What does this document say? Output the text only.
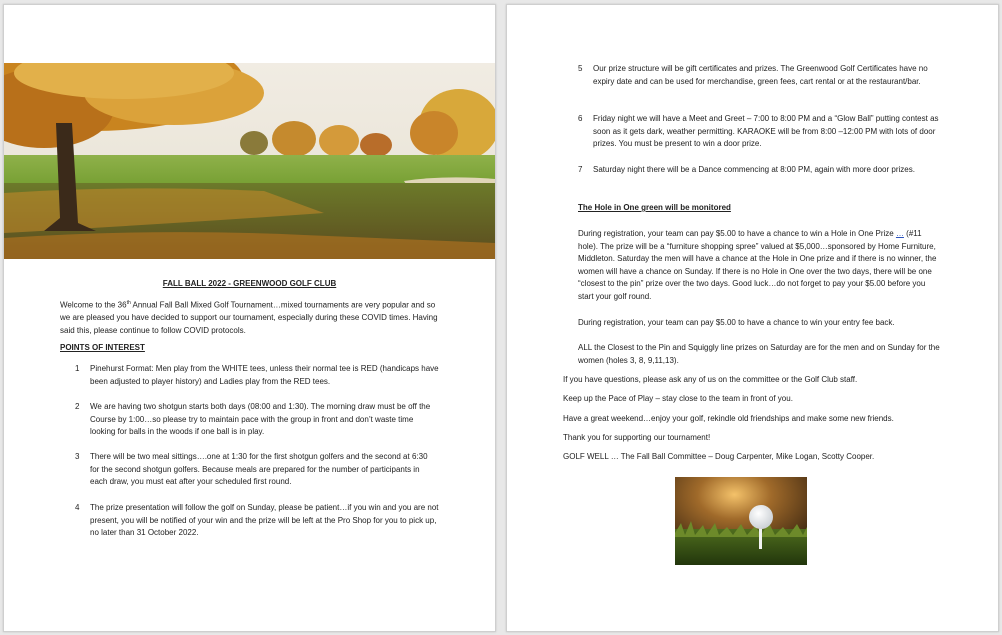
FALL BALL 2022 - GREENWOOD GOLF CLUB

Welcome to the 36th Annual Fall Ball Mixed Golf Tournament…mixed tournaments are very popular and so we are pleased you have decided to support our tournament, especially during these COVID times. Having said this, please continue to follow COVID protocols.

POINTS OF INTEREST
1	Pinehurst Format: Men play from the WHITE tees, unless their normal tee is RED (handicaps have been adjusted to player history) and Ladies play from the RED tees.
2	We are having two shotgun starts both days (08:00 and 1:30). The morning draw must be off the Course by 1:00…so please try to maintain pace with the group in front and don’t waste time looking for balls in the woods if one ball is in play.
3	There will be two meal sittings….one at 1:30 for the first shotgun golfers and the second at 6:30 for the second shotgun golfers. Because meals are prepared for the number of participants in each draw, you must eat after your scheduled first round.
4	The prize presentation will follow the golf on Sunday, please be patient…if you win and you are not present, you will be notified of your win and the prize will be left at the Pro Shop for you to pick up, no later than 31 October 2022.
5	Our prize structure will be gift certificates and prizes. The Greenwood Golf Certificates have no expiry date and can be used for merchandise, green fees, cart rental or at the restaurant/bar.
6	Friday night we will have a Meet and Greet – 7:00 to 8:00 PM and a “Glow Ball” putting contest as soon as it gets dark, weather permitting. KARAOKE will be from 8:00 –12:00 PM with lots of door prizes. You must be present to win a door prize.
7	Saturday night there will be a Dance commencing at 8:00 PM, again with more door prizes.
The Hole in One green will be monitored

During registration, your team can pay $5.00 to have a chance to win a Hole in One Prize … (#11 hole). The prize will be a “furniture shopping spree” valued at $5,000…sponsored by Home Furniture, Middleton. Saturday the men will have a chance at the Hole in One prize and if there is no winner, the women will have a chance on Sunday. If there is no Hole in One over the two days, there will be one “closest to the pin” prize over the two days. Good luck…do not forget to pay your $5.00 before you start your golf round.

During registration, your team can pay $5.00 to have a chance to win your entry fee back.

ALL the Closest to the Pin and Squiggly line prizes on Saturday are for the men and on Sunday for the women (holes 3, 8, 9,11,13).

If you have questions, please ask any of us on the committee or the Golf Club staff.

Keep up the Pace of Play – stay close to the team in front of you.

Have a great weekend…enjoy your golf, rekindle old friendships and make some new friends.

Thank you for supporting our tournament!

GOLF WELL … The Fall Ball Committee – Doug Carpenter, Mike Logan, Scotty Cooper.
